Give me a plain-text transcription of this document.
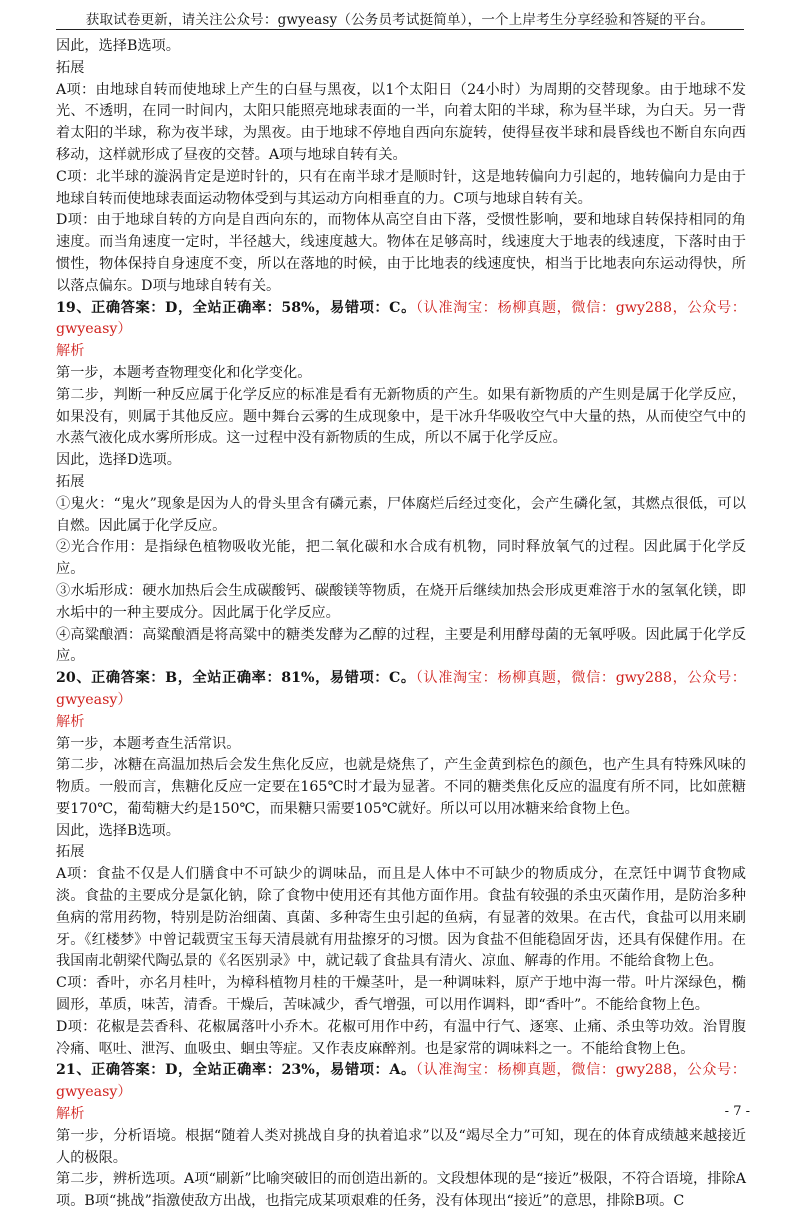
获取试卷更新，请关注公众号：gwyeasy（公务员考试挺简单），一个上岸考生分享经验和答疑的平台。

因此，选择B选项。

拓展

A项：由地球自转而使地球上产生的白昼与黑夜，以1个太阳日（24小时）为周期的交替现象。由于地球不发光、不透明，在同一时间内，太阳只能照亮地球表面的一半，向着太阳的半球，称为昼半球，为白天。另一背着太阳的半球，称为夜半球，为黑夜。由于地球不停地自西向东旋转，使得昼夜半球和晨昏线也不断自东向西移动，这样就形成了昼夜的交替。A项与地球自转有关。

C项：北半球的漩涡肯定是逆时针的，只有在南半球才是顺时针，这是地转偏向力引起的，地转偏向力是由于地球自转而使地球表面运动物体受到与其运动方向相垂直的力。C项与地球自转有关。

D项：由于地球自转的方向是自西向东的，而物体从高空自由下落，受惯性影响，要和地球自转保持相同的角速度。而当角速度一定时，半径越大，线速度越大。物体在足够高时，线速度大于地表的线速度，下落时由于惯性，物体保持自身速度不变，所以在落地的时候，由于比地表的线速度快，相当于比地表向东运动得快，所以落点偏东。D项与地球自转有关。

19、正确答案：D，全站正确率：58%，易错项：C。（认准淘宝：杨柳真题，微信：gwy288，公众号：gwyeasy）

解析

第一步，本题考查物理变化和化学变化。

第二步，判断一种反应属于化学反应的标准是看有无新物质的产生。如果有新物质的产生则是属于化学反应，如果没有，则属于其他反应。题中舞台云雾的生成现象中，是干冰升华吸收空气中大量的热，从而使空气中的水蒸气液化成水雾所形成。这一过程中没有新物质的生成，所以不属于化学反应。

因此，选择D选项。

拓展

①鬼火：“鬼火”现象是因为人的骨头里含有磷元素，尸体腐烂后经过变化，会产生磷化氢，其燃点很低，可以自燃。因此属于化学反应。

②光合作用：是指绿色植物吸收光能，把二氧化碳和水合成有机物，同时释放氧气的过程。因此属于化学反应。

③水垢形成：硬水加热后会生成碳酸钙、碳酸镁等物质，在烧开后继续加热会形成更难溶于水的氢氧化镁，即水垢中的一种主要成分。因此属于化学反应。

④高粱酿酒：高粱酿酒是将高粱中的糖类发酵为乙醇的过程，主要是利用酵母菌的无氧呼吸。因此属于化学反应。

20、正确答案：B，全站正确率：81%，易错项：C。（认准淘宝：杨柳真题，微信：gwy288，公众号：gwyeasy）

解析

第一步，本题考查生活常识。

第二步，冰糖在高温加热后会发生焦化反应，也就是烧焦了，产生金黄到棕色的颜色，也产生具有特殊风味的物质。一般而言，焦糖化反应一定要在165℃时才最为显著。不同的糖类焦化反应的温度有所不同，比如蔗糖要170℃，葡萄糖大约是150℃，而果糖只需要105℃就好。所以可以用冰糖来给食物上色。

因此，选择B选项。

拓展

A项：食盐不仅是人们膳食中不可缺少的调味品，而且是人体中不可缺少的物质成分，在烹饪中调节食物咸淡。食盐的主要成分是氯化钠，除了食物中使用还有其他方面作用。食盐有较强的杀虫灭菌作用，是防治多种鱼病的常用药物，特别是防治细菌、真菌、多种寄生虫引起的鱼病，有显著的效果。在古代，食盐可以用来刷牙。《红楼梦》中曾记载贾宝玉每天清晨就有用盐擦牙的习惯。因为食盐不但能稳固牙齿，还具有保健作用。在我国南北朝梁代陶弘景的《名医别录》中，就记载了食盐具有清火、凉血、解毒的作用。不能给食物上色。

C项：香叶，亦名月桂叶，为樟科植物月桂的干燥茎叶，是一种调味料，原产于地中海一带。叶片深绿色，椭圆形，革质，味苦，清香。干燥后，苦味减少，香气增强，可以用作调料，即“香叶”。不能给食物上色。

D项：花椒是芸香科、花椒属落叶小乔木。花椒可用作中药，有温中行气、逐寒、止痛、杀虫等功效。治胃腹冷痛、呕吐、泄泻、血吸虫、蛔虫等症。又作表皮麻醉剂。也是家常的调味料之一。不能给食物上色。

21、正确答案：D，全站正确率：23%，易错项：A。（认准淘宝：杨柳真题，微信：gwy288，公众号：gwyeasy）

解析

第一步，分析语境。根据“随着人类对挑战自身的执着追求”以及“竭尽全力”可知，现在的体育成绩越来越接近人的极限。

第二步，辨析选项。A项“刷新”比喻突破旧的而创造出新的。文段想体现的是“接近”极限，不符合语境，排除A项。B项“挑战”指激使敌方出战，也指完成某项艰难的任务，没有体现出“接近”的意思，排除B项。C

- 7 -
